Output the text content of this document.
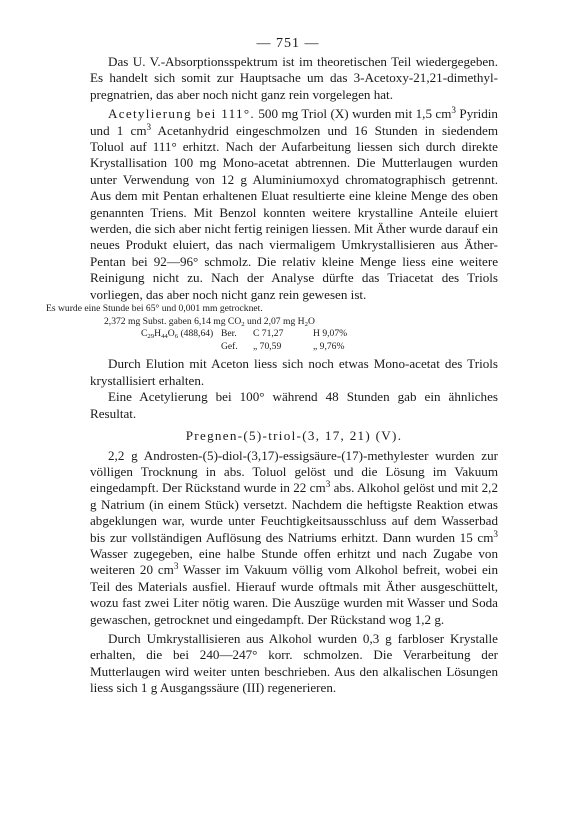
— 751 —

Das U. V.-Absorptionsspektrum ist im theoretischen Teil wiedergegeben. Es handelt sich somit zur Hauptsache um das 3-Acetoxy-21,21-dimethyl-pregnatrien, das aber noch nicht ganz rein vorgelegen hat.

Acetylierung bei 111°. 500 mg Triol (X) wurden mit 1,5 $cm^3$ Pyridin und 1 $cm^3$ Acetanhydrid eingeschmolzen und 16 Stunden in siedendem Toluol auf 111° erhitzt. Nach der Aufarbeitung liessen sich durch direkte Krystallisation 100 mg Mono-acetat abtrennen. Die Mutterlaugen wurden unter Verwendung von 12 g Aluminiumoxyd chromatographisch getrennt. Aus dem mit Pentan erhaltenen Eluat resultierte eine kleine Menge des oben genannten Triens. Mit Benzol konnten weitere krystalline Anteile eluiert werden, die sich aber nicht fertig reinigen liessen. Mit Äther wurde darauf ein neues Produkt eluiert, das nach viermaligem Umkrystallisieren aus Äther-Pentan bei 92—96° schmolz. Die relativ kleine Menge liess eine weitere Reinigung nicht zu. Nach der Analyse dürfte das Triacetat des Triols vorliegen, das aber noch nicht ganz rein gewesen ist.

Es wurde eine Stunde bei 65° und 0,001 mm getrocknet.

2,372 mg Subst. gaben 6,14 mg $CO_2$ und 2,07 mg $H_2O$

$C_{29}H_{44}O_6$ (488,64) Ber.	C 71,27	H 9,07%
Gef.	„ 70,59	„ 9,76%

Durch Elution mit Aceton liess sich noch etwas Mono-acetat des Triols krystallisiert erhalten.

Eine Acetylierung bei 100° während 48 Stunden gab ein ähnliches Resultat.

Pregnen-(5)-triol-(3, 17, 21) (V).

2,2 g Androsten-(5)-diol-(3,17)-essigsäure-(17)-methylester wurden zur völligen Trocknung in abs. Toluol gelöst und die Lösung im Vakuum eingedampft. Der Rückstand wurde in 22 $cm^3$ abs. Alkohol gelöst und mit 2,2 g Natrium (in einem Stück) versetzt. Nachdem die heftigste Reaktion etwas abgeklungen war, wurde unter Feuchtigkeitsausschluss auf dem Wasserbad bis zur vollständigen Auflösung des Natriums erhitzt. Dann wurden 15 $cm^3$ Wasser zugegeben, eine halbe Stunde offen erhitzt und nach Zugabe von weiteren 20 $cm^3$ Wasser im Vakuum völlig vom Alkohol befreit, wobei ein Teil des Materials ausfiel. Hierauf wurde oftmals mit Äther ausgeschüttelt, wozu fast zwei Liter nötig waren. Die Auszüge wurden mit Wasser und Soda gewaschen, getrocknet und eingedampft. Der Rückstand wog 1,2 g.

Durch Umkrystallisieren aus Alkohol wurden 0,3 g farbloser Krystalle erhalten, die bei 240—247° korr. schmolzen. Die Verarbeitung der Mutterlaugen wird weiter unten beschrieben. Aus den alkalischen Lösungen liess sich 1 g Ausgangssäure (III) regenerieren.
